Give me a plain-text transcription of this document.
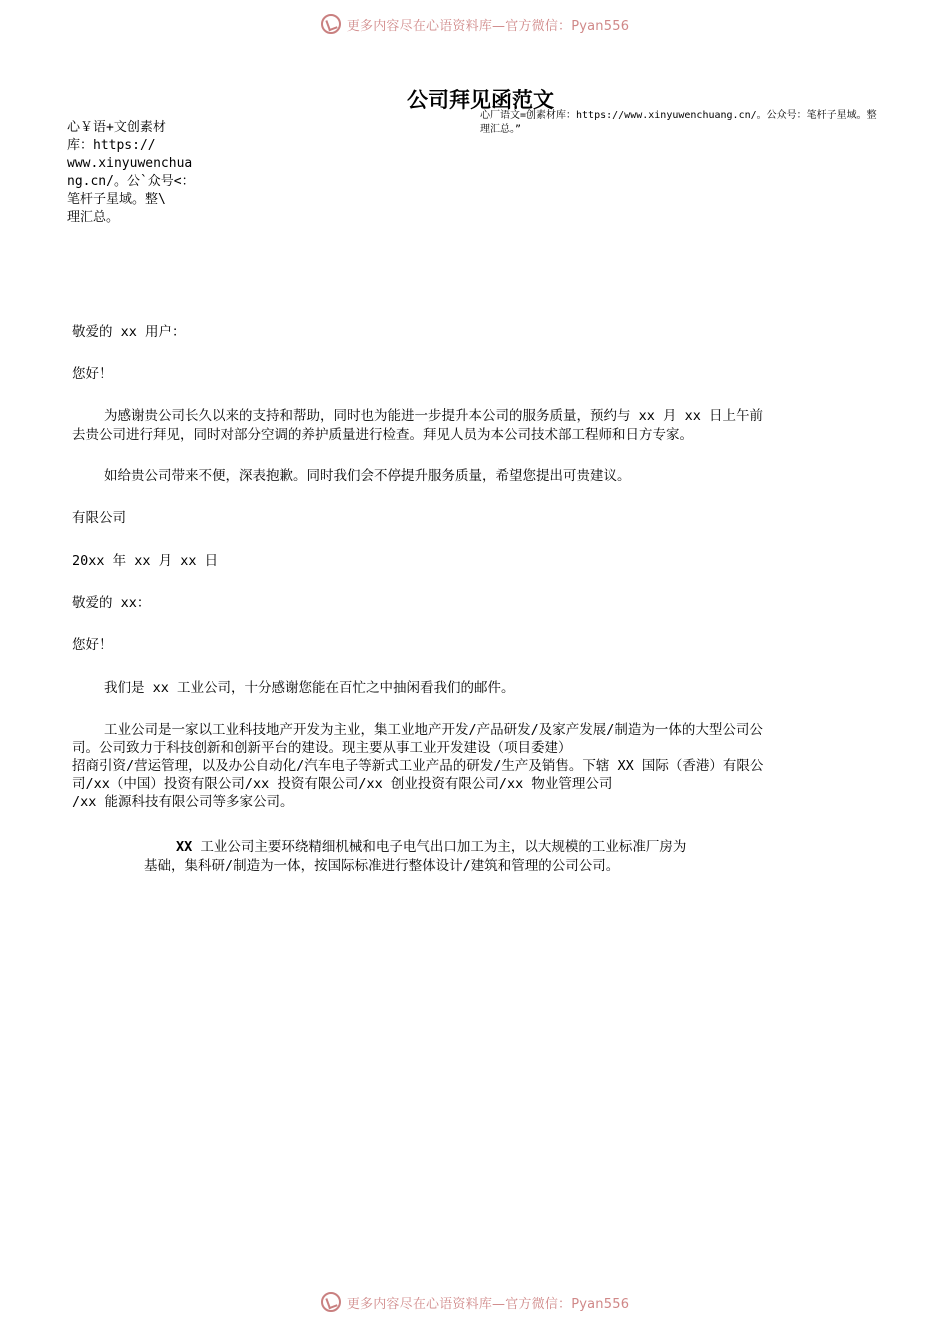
更多内容尽在心语资料库—官方微信：Pyan556
公司拜见函范文
心厂语文=创素材库：https://www.xinyuwenchuang.cn/。公众号：笔杆子星域。整
理汇总。”
心￥语+文创素材
库：https://
www.xinyuwenchua
ng.cn/。公`众号<：
笔杆子星域。整\
理汇总。
敬爱的 xx 用户：
您好！
为感谢贵公司长久以来的支持和帮助，同时也为能进一步提升本公司的服务质量，预约与 xx 月 xx 日上午前
去贵公司进行拜见，同时对部分空调的养护质量进行检查。拜见人员为本公司技术部工程师和日方专家。
如给贵公司带来不便，深表抱歉。同时我们会不停提升服务质量，希望您提出可贵建议。
有限公司
20xx 年 xx 月 xx 日
敬爱的 xx：
您好！
我们是 xx 工业公司，十分感谢您能在百忙之中抽闲看我们的邮件。
工业公司是一家以工业科技地产开发为主业，集工业地产开发/产品研发/及家产发展/制造为一体的大型公司公
司。公司致力于科技创新和创新平台的建设。现主要从事工业开发建设（项目委建）
招商引资/营运管理，以及办公自动化/汽车电子等新式工业产品的研发/生产及销售。下辖 XX 国际（香港）有限公
司/xx（中国）投资有限公司/xx 投资有限公司/xx 创业投资有限公司/xx 物业管理公司
/xx 能源科技有限公司等多家公司。
XX 工业公司主要环绕精细机械和电子电气出口加工为主，以大规模的工业标准厂房为
基础，集科研/制造为一体，按国际标准进行整体设计/建筑和管理的公司公司。
更多内容尽在心语资料库—官方微信：Pyan556
